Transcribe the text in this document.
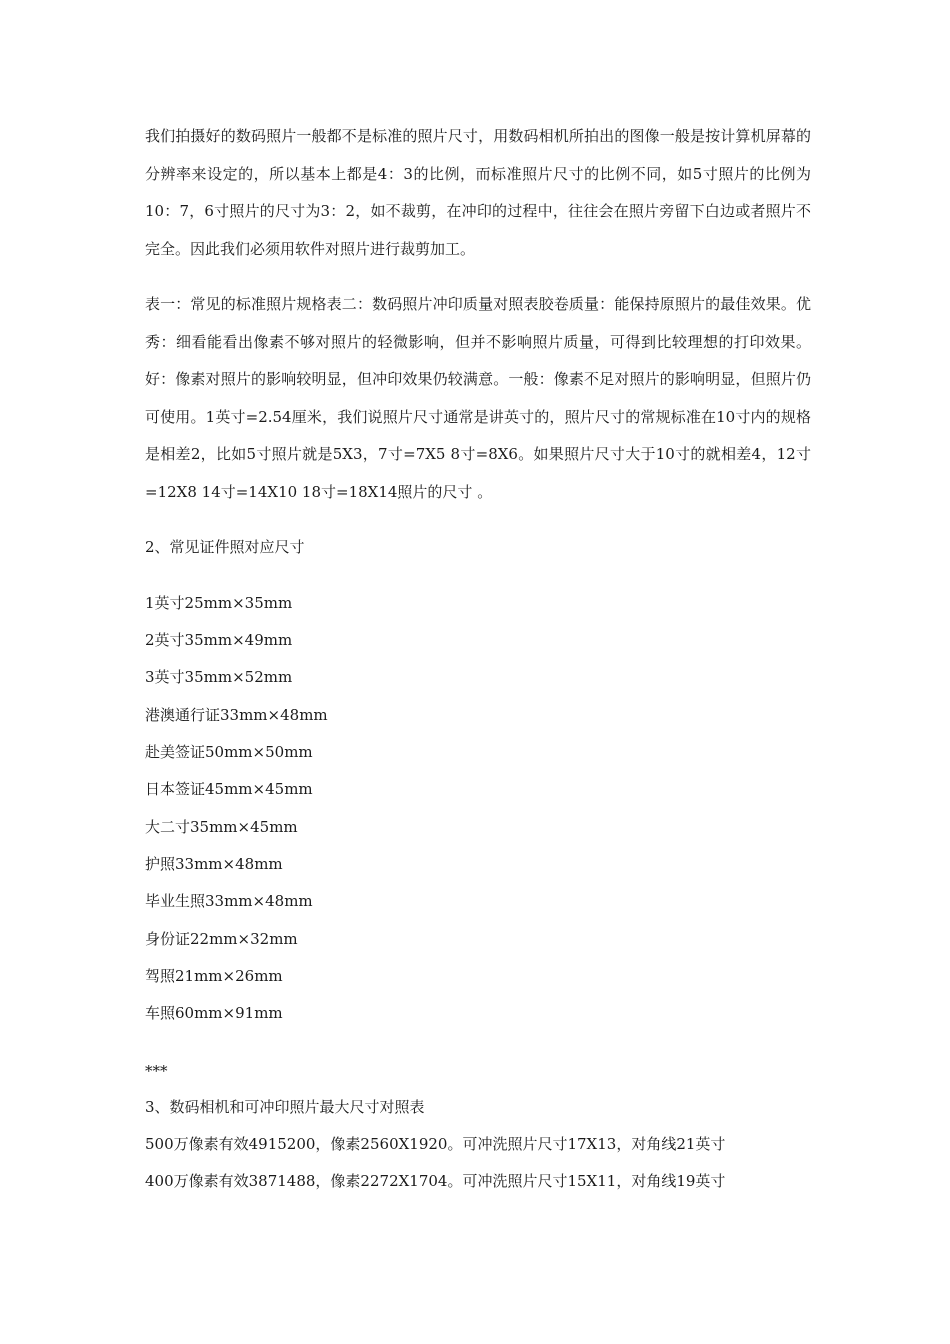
我们拍摄好的数码照片一般都不是标准的照片尺寸，用数码相机所拍出的图像一般是按计算机屏幕的分辨率来设定的，所以基本上都是4：3的比例，而标准照片尺寸的比例不同，如5寸照片的比例为10：7，6寸照片的尺寸为3：2，如不裁剪，在冲印的过程中，往往会在照片旁留下白边或者照片不完全。因此我们必须用软件对照片进行裁剪加工。

表一：常见的标准照片规格表二：数码照片冲印质量对照表胶卷质量：能保持原照片的最佳效果。优秀：细看能看出像素不够对照片的轻微影响，但并不影响照片质量，可得到比较理想的打印效果。好：像素对照片的影响较明显，但冲印效果仍较满意。一般：像素不足对照片的影响明显，但照片仍可使用。1英寸=2.54厘米，我们说照片尺寸通常是讲英寸的，照片尺寸的常规标准在10寸内的规格是相差2，比如5寸照片就是5X3，7寸=7X5 8寸=8X6。如果照片尺寸大于10寸的就相差4，12寸=12X8 14寸=14X10 18寸=18X14照片的尺寸 。

2、常见证件照对应尺寸
1英寸25mm×35mm
2英寸35mm×49mm
3英寸35mm×52mm
港澳通行证33mm×48mm
赴美签证50mm×50mm
日本签证45mm×45mm
大二寸35mm×45mm
护照33mm×48mm
毕业生照33mm×48mm
身份证22mm×32mm
驾照21mm×26mm
车照60mm×91mm
***
3、数码相机和可冲印照片最大尺寸对照表
500万像素有效4915200，像素2560X1920。可冲洗照片尺寸17X13，对角线21英寸
400万像素有效3871488，像素2272X1704。可冲洗照片尺寸15X11，对角线19英寸
